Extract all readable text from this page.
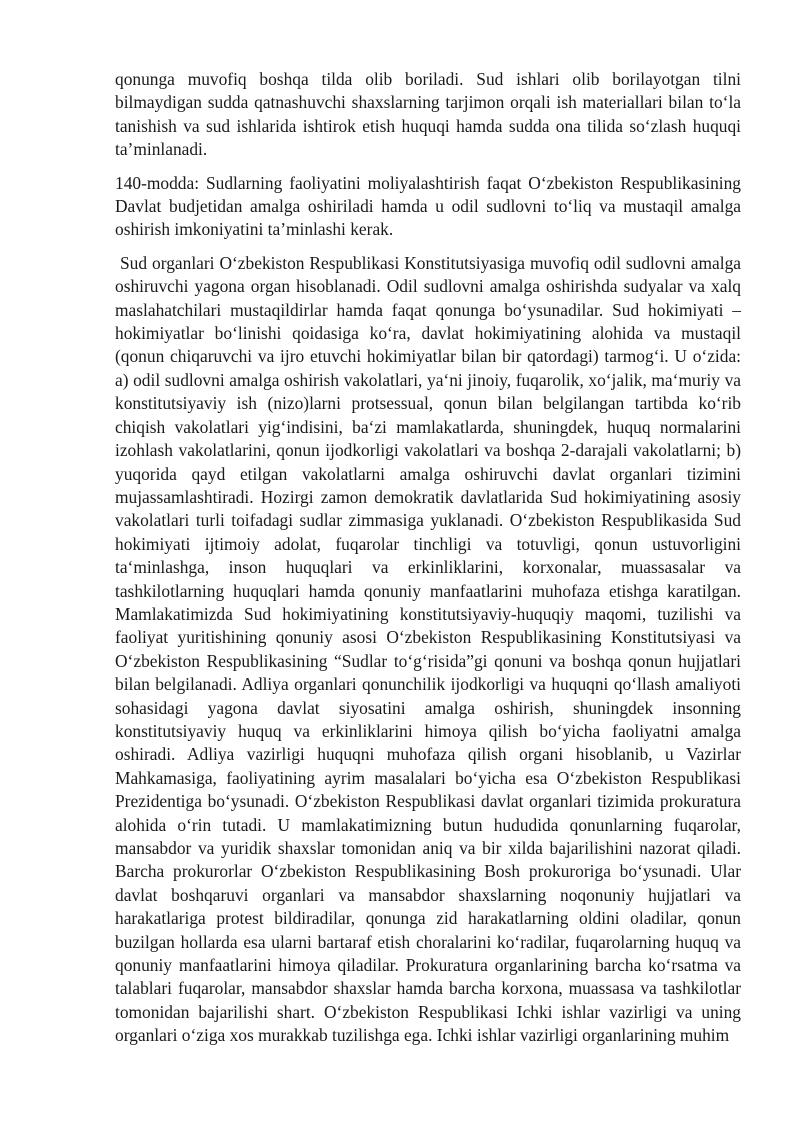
qonunga muvofiq boshqa tilda olib boriladi. Sud ishlari olib borilayotgan tilni bilmaydigan sudda qatnashuvchi shaxslarning tarjimon orqali ish materiallari bilan to‘la tanishish va sud ishlarida ishtirok etish huquqi hamda sudda ona tilida so‘zlash huquqi ta’minlanadi.

140-modda: Sudlarning faoliyatini moliyalashtirish faqat O‘zbekiston Respublikasining Davlat budjetidan amalga oshiriladi hamda u odil sudlovni to‘liq va mustaqil amalga oshirish imkoniyatini ta’minlashi kerak.

Sud organlari O‘zbekiston Respublikasi Konstitutsiyasiga muvofiq odil sudlovni amalga oshiruvchi yagona organ hisoblanadi. Odil sudlovni amalga oshirishda sudyalar va xalq maslahatchilari mustaqildirlar hamda faqat qonunga bo‘ysunadilar. Sud hokimiyati – hokimiyatlar bo‘linishi qoidasiga ko‘ra, davlat hokimiyatining alohida va mustaqil (qonun chiqaruvchi va ijro etuvchi hokimiyatlar bilan bir qatordagi) tarmog‘i. U o‘zida: a) odil sudlovni amalga oshirish vakolatlari, ya‘ni jinoiy, fuqarolik, xo‘jalik, ma‘muriy va konstitutsiyaviy ish (nizo)larni protsessual, qonun bilan belgilangan tartibda ko‘rib chiqish vakolatlari yig‘indisini, ba‘zi mamlakatlarda, shuningdek, huquq normalarini izohlash vakolatlarini, qonun ijodkorligi vakolatlari va boshqa 2-darajali vakolatlarni; b) yuqorida qayd etilgan vakolatlarni amalga oshiruvchi davlat organlari tizimini mujassamlashtiradi. Hozirgi zamon demokratik davlatlarida Sud hokimiyatining asosiy vakolatlari turli toifadagi sudlar zimmasiga yuklanadi. O‘zbekiston Respublikasida Sud hokimiyati ijtimoiy adolat, fuqarolar tinchligi va totuvligi, qonun ustuvorligini ta‘minlashga, inson huquqlari va erkinliklarini, korxonalar, muassasalar va tashkilotlarning huquqlari hamda qonuniy manfaatlarini muhofaza etishga karatilgan. Mamlakatimizda Sud hokimiyatining konstitutsiyaviy-huquqiy maqomi, tuzilishi va faoliyat yuritishining qonuniy asosi O‘zbekiston Respublikasining Konstitutsiyasi va O‘zbekiston Respublikasining “Sudlar to‘g‘risida”gi qonuni va boshqa qonun hujjatlari bilan belgilanadi. Adliya organlari qonunchilik ijodkorligi va huquqni qo‘llash amaliyoti sohasidagi yagona davlat siyosatini amalga oshirish, shuningdek insonning konstitutsiyaviy huquq va erkinliklarini himoya qilish bo‘yicha faoliyatni amalga oshiradi. Adliya vazirligi huquqni muhofaza qilish organi hisoblanib, u Vazirlar Mahkamasiga, faoliyatining ayrim masalalari bo‘yicha esa O‘zbekiston Respublikasi Prezidentiga bo‘ysunadi. O‘zbekiston Respublikasi davlat organlari tizimida prokuratura alohida o‘rin tutadi. U mamlakatimizning butun hududida qonunlarning fuqarolar, mansabdor va yuridik shaxslar tomonidan aniq va bir xilda bajarilishini nazorat qiladi. Barcha prokurorlar O‘zbekiston Respublikasining Bosh prokuroriga bo‘ysunadi. Ular davlat boshqaruvi organlari va mansabdor shaxslarning noqonuniy hujjatlari va harakatlariga protest bildiradilar, qonunga zid harakatlarning oldini oladilar, qonun buzilgan hollarda esa ularni bartaraf etish choralarini ko‘radilar, fuqarolarning huquq va qonuniy manfaatlarini himoya qiladilar. Prokuratura organlarining barcha ko‘rsatma va talablari fuqarolar, mansabdor shaxslar hamda barcha korxona, muassasa va tashkilotlar tomonidan bajarilishi shart. O‘zbekiston Respublikasi Ichki ishlar vazirligi va uning organlari o‘ziga xos murakkab tuzilishga ega. Ichki ishlar vazirligi organlarining muhim
